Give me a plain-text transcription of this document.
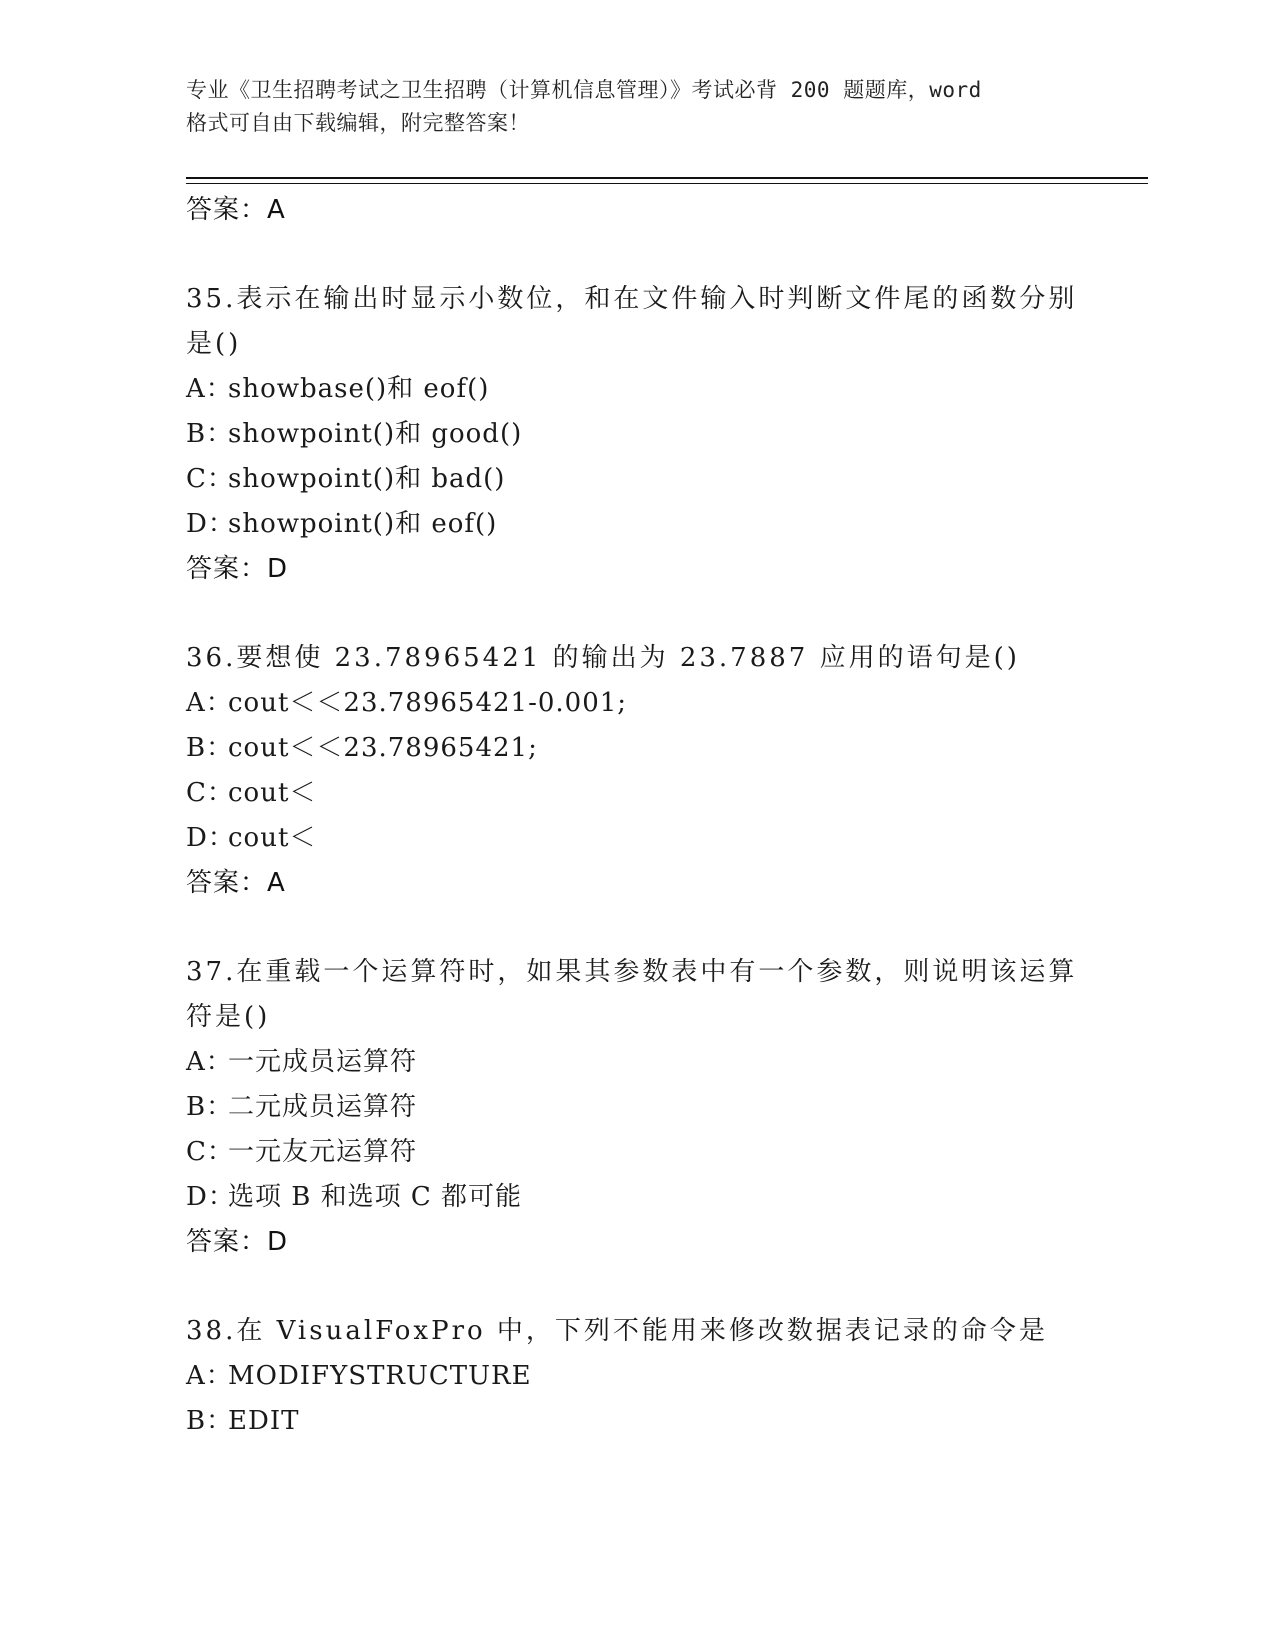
专业《卫生招聘考试之卫生招聘（计算机信息管理）》考试必背 200 题题库，word
格式可自由下载编辑，附完整答案！
答案：A
35.表示在输出时显示小数位，和在文件输入时判断文件尾的函数分别是()
A：showbase()和 eof()
B：showpoint()和 good()
C：showpoint()和 bad()
D：showpoint()和 eof()
答案：D
36.要想使 23.78965421 的输出为 23.7887 应用的语句是()
A：cout＜＜23.78965421-0.001;
B：cout＜＜23.78965421;
C：cout＜
D：cout＜
答案：A
37.在重载一个运算符时，如果其参数表中有一个参数，则说明该运算符是()
A：一元成员运算符
B：二元成员运算符
C：一元友元运算符
D：选项 B 和选项 C 都可能
答案：D
38.在 VisualFoxPro 中，下列不能用来修改数据表记录的命令是
A：MODIFYSTRUCTURE
B：EDIT
